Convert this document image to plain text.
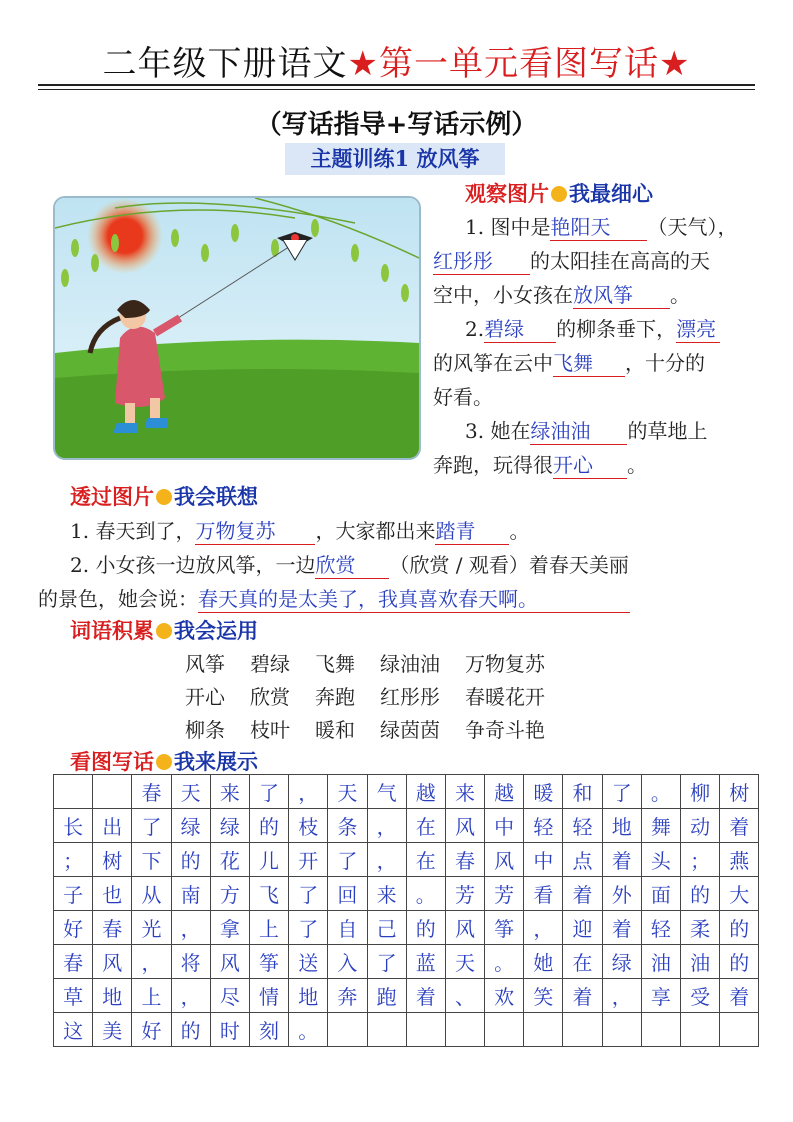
二年级下册语文★第一单元看图写话★
（写话指导+写话示例）
主题训练1 放风筝
观察图片 我最细心
1. 图中是艳阳天 （天气），
红彤彤 的太阳挂在高高的天
空中，小女孩在放风筝 。
2.碧绿 的柳条垂下，漂亮
的风筝在云中飞舞 ，十分的
好看。
3. 她在绿油油 的草地上
奔跑，玩得很开心 。
透过图片 我会联想
1. 春天到了，万物复苏 ，大家都出来踏青 。
2. 小女孩一边放风筝，一边欣赏 （欣赏 / 观看）着春天美丽
的景色，她会说：春天真的是太美了，我真喜欢春天啊。
词语积累 我会运用
风筝 碧绿 飞舞 绿油油 万物复苏
开心 欣赏 奔跑 红彤彤 春暖花开
柳条 枝叶 暖和 绿茵茵 争奇斗艳
看图写话 我来展示
		春	天	来	了	，	天	气	越	来	越	暖	和	了	。	柳	树
长	出	了	绿	绿	的	枝	条	，	在	风	中	轻	轻	地	舞	动	着
；	树	下	的	花	儿	开	了	，	在	春	风	中	点	着	头	；	燕
子	也	从	南	方	飞	了	回	来	。	芳	芳	看	着	外	面	的	大
好	春	光	，	拿	上	了	自	己	的	风	筝	，	迎	着	轻	柔	的
春	风	，	将	风	筝	送	入	了	蓝	天	。	她	在	绿	油	油	的
草	地	上	，	尽	情	地	奔	跑	着	、	欢	笑	着	，	享	受	着
这	美	好	的	时	刻	。											
